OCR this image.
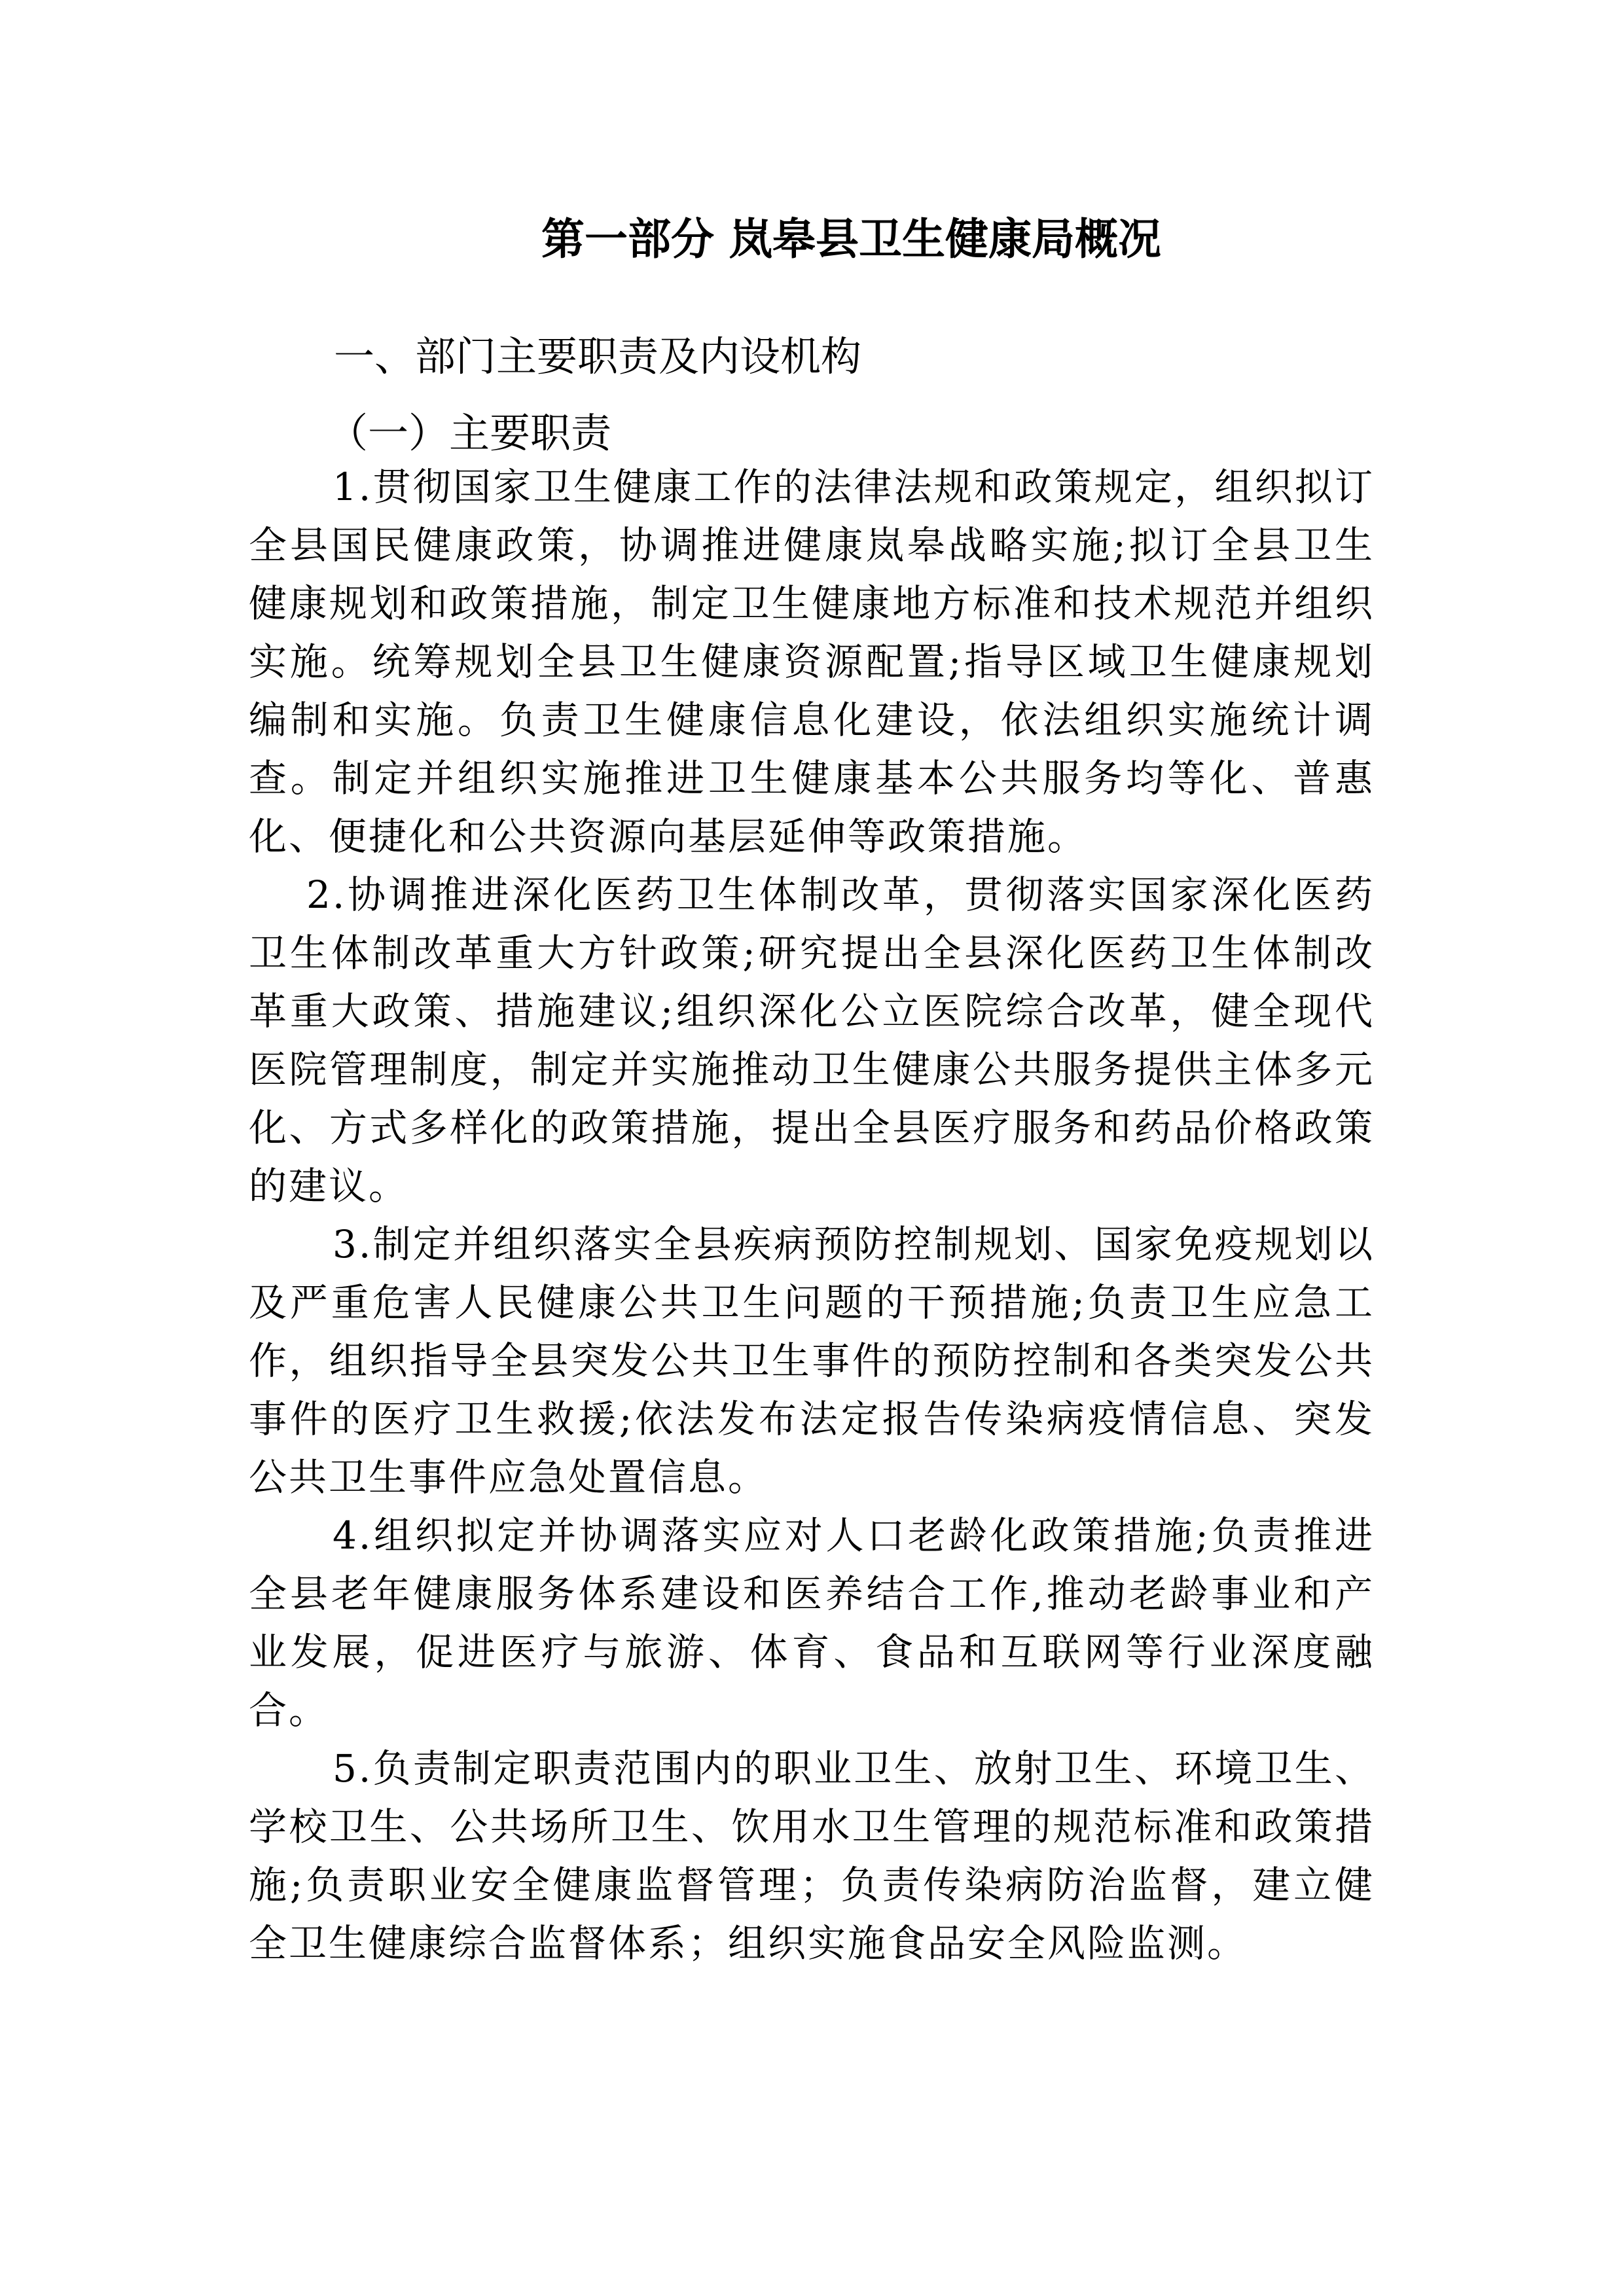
第一部分 岚皋县卫生健康局概况
一、部门主要职责及内设机构
（一）主要职责

1.贯彻国家卫生健康工作的法律法规和政策规定，组织拟订全县国民健康政策，协调推进健康岚皋战略实施;拟订全县卫生健康规划和政策措施，制定卫生健康地方标准和技术规范并组织实施。统筹规划全县卫生健康资源配置;指导区域卫生健康规划编制和实施。负责卫生健康信息化建设，依法组织实施统计调查。制定并组织实施推进卫生健康基本公共服务均等化、普惠化、便捷化和公共资源向基层延伸等政策措施。

2.协调推进深化医药卫生体制改革，贯彻落实国家深化医药卫生体制改革重大方针政策;研究提出全县深化医药卫生体制改革重大政策、措施建议;组织深化公立医院综合改革，健全现代医院管理制度，制定并实施推动卫生健康公共服务提供主体多元化、方式多样化的政策措施，提出全县医疗服务和药品价格政策的建议。

3.制定并组织落实全县疾病预防控制规划、国家免疫规划以及严重危害人民健康公共卫生问题的干预措施;负责卫生应急工作，组织指导全县突发公共卫生事件的预防控制和各类突发公共事件的医疗卫生救援;依法发布法定报告传染病疫情信息、突发公共卫生事件应急处置信息。

4.组织拟定并协调落实应对人口老龄化政策措施;负责推进全县老年健康服务体系建设和医养结合工作,推动老龄事业和产业发展，促进医疗与旅游、体育、食品和互联网等行业深度融合。

5.负责制定职责范围内的职业卫生、放射卫生、环境卫生、学校卫生、公共场所卫生、饮用水卫生管理的规范标准和政策措施;负责职业安全健康监督管理；负责传染病防治监督，建立健全卫生健康综合监督体系；组织实施食品安全风险监测。
